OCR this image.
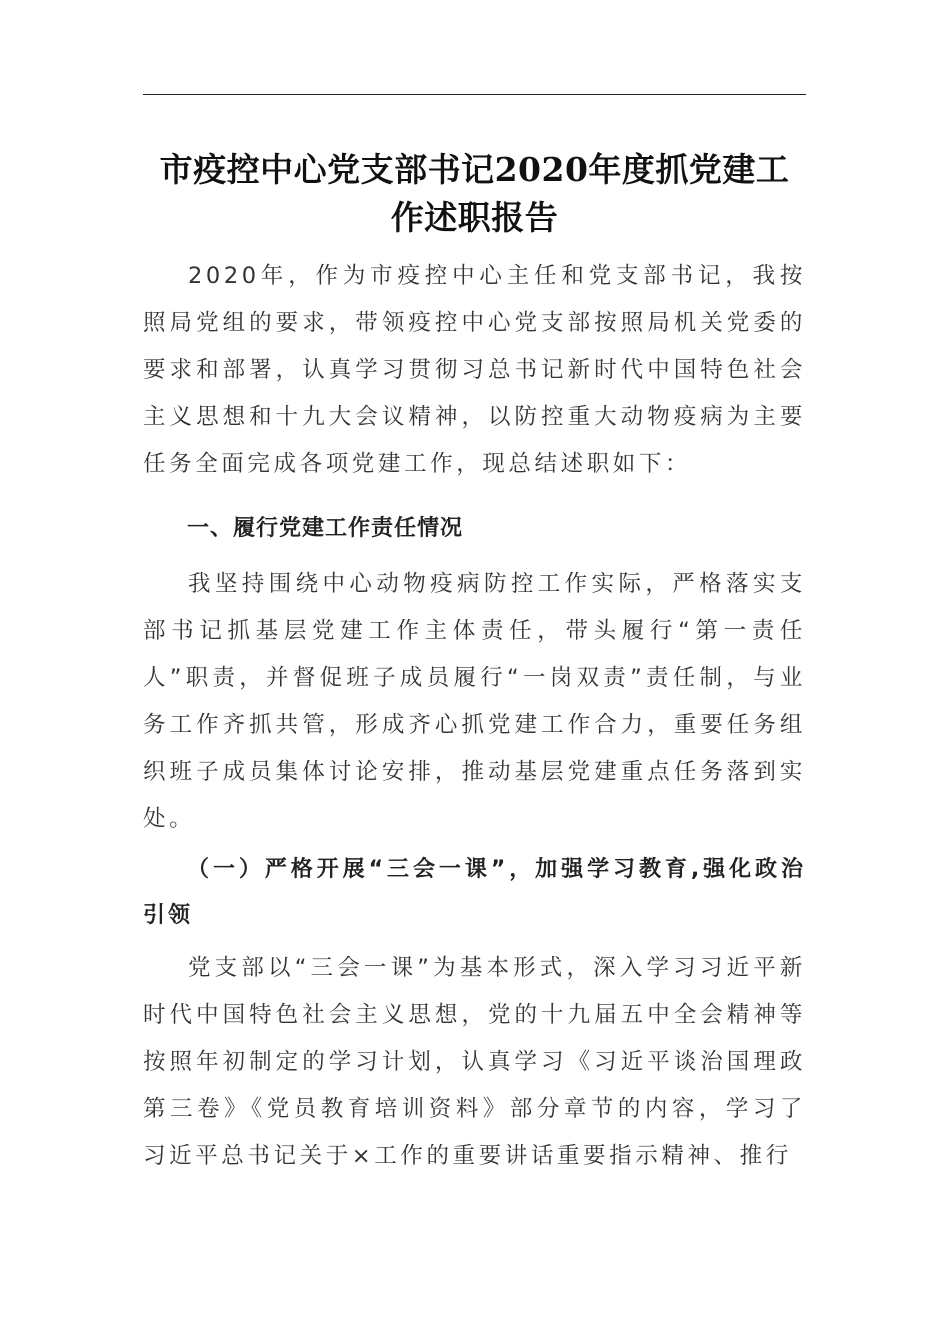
市疫控中心党支部书记2020年度抓党建工作述职报告

2020年，作为市疫控中心主任和党支部书记，我按照局党组的要求，带领疫控中心党支部按照局机关党委的要求和部署，认真学习贯彻习总书记新时代中国特色社会主义思想和十九大会议精神，以防控重大动物疫病为主要任务全面完成各项党建工作，现总结述职如下：

一、履行党建工作责任情况

我坚持围绕中心动物疫病防控工作实际，严格落实支部书记抓基层党建工作主体责任，带头履行“第一责任人”职责，并督促班子成员履行“一岗双责”责任制，与业务工作齐抓共管，形成齐心抓党建工作合力，重要任务组织班子成员集体讨论安排，推动基层党建重点任务落到实处。

（一）严格开展“三会一课”，加强学习教育,强化政治引领

党支部以“三会一课”为基本形式，深入学习习近平新时代中国特色社会主义思想，党的十九届五中全会精神等按照年初制定的学习计划，认真学习《习近平谈治国理政第三卷》《党员教育培训资料》部分章节的内容，学习了习近平总书记关于×工作的重要讲话重要指示精神、推行
